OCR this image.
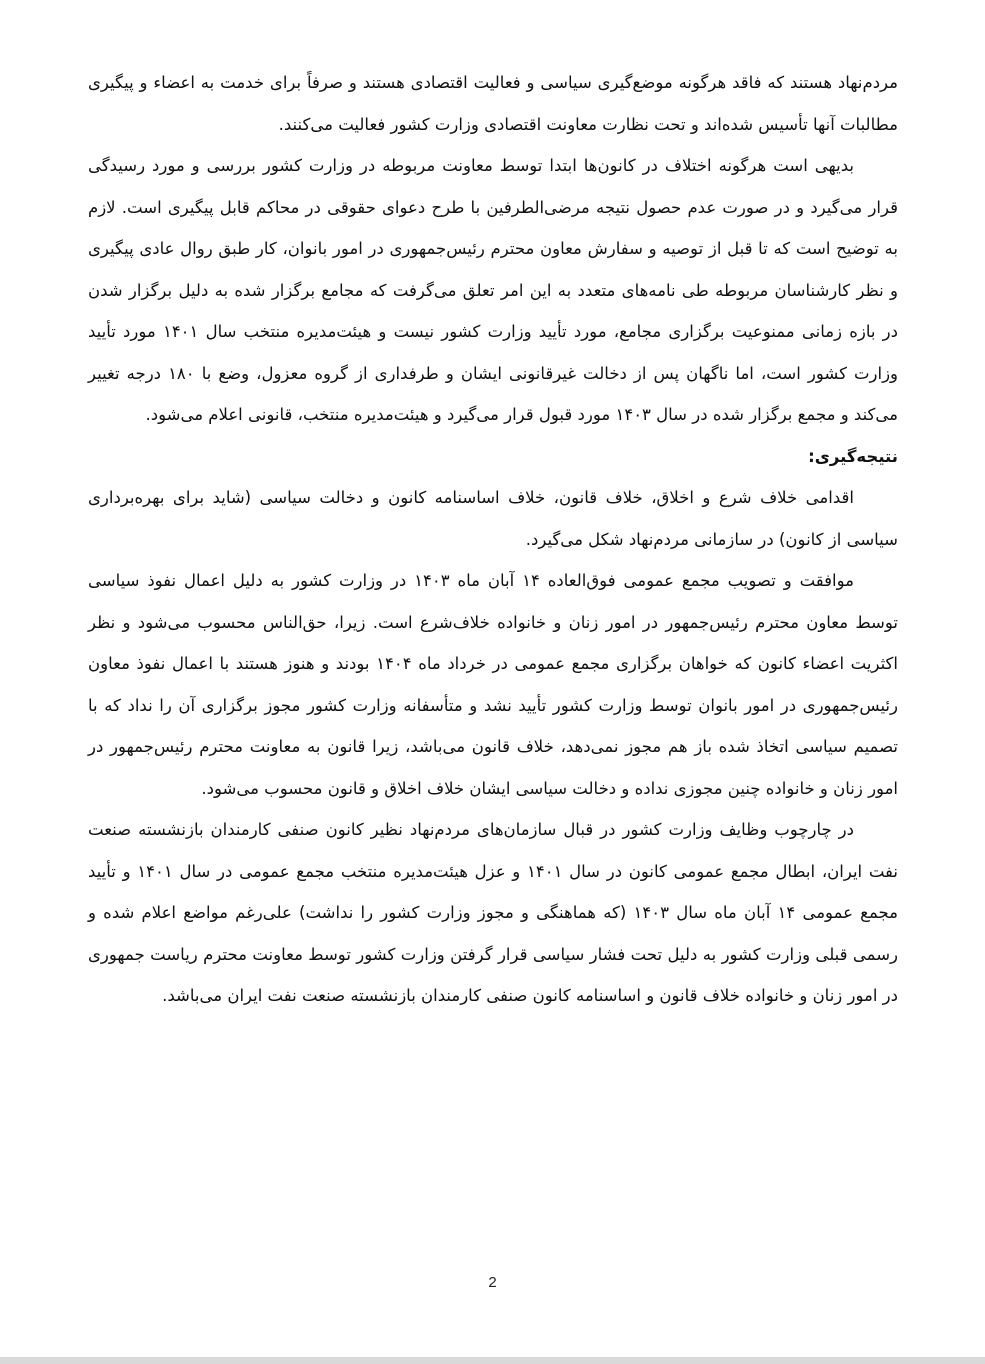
مردم‌نهاد هستند که فاقد هرگونه موضع‌گیری سیاسی و فعالیت اقتصادی هستند و صرفاً برای خدمت به اعضاء و پیگیری مطالبات آنها تأسیس شده‌اند و تحت نظارت معاونت اقتصادی وزارت کشور فعالیت می‌کنند.

بدیهی است هرگونه اختلاف در کانون‌ها ابتدا توسط معاونت مربوطه در وزارت کشور بررسی و مورد رسیدگی قرار می‌گیرد و در صورت عدم حصول نتیجه مرضی‌الطرفین با طرح دعوای حقوقی در محاکم قابل پیگیری است. لازم به توضیح است که تا قبل از توصیه و سفارش معاون محترم رئیس‌جمهوری در امور بانوان، کار طبق روال عادی پیگیری و نظر کارشناسان مربوطه طی نامه‌های متعدد به این امر تعلق می‌گرفت که مجامع برگزار شده به دلیل برگزار شدن در بازه زمانی ممنوعیت برگزاری مجامع، مورد تأیید وزارت کشور نیست و هیئت‌مدیره منتخب سال ۱۴۰۱ مورد تأیید وزارت کشور است، اما ناگهان پس از دخالت غیرقانونی ایشان و طرفداری از گروه معزول، وضع با ۱۸۰ درجه تغییر می‌کند و مجمع برگزار شده در سال ۱۴۰۳ مورد قبول قرار می‌گیرد و هیئت‌مدیره منتخب، قانونی اعلام می‌شود.

نتیجه‌گیری:

اقدامی خلاف شرع و اخلاق، خلاف قانون، خلاف اساسنامه کانون و دخالت سیاسی (شاید برای بهره‌برداری سیاسی از کانون) در سازمانی مردم‌نهاد شکل می‌گیرد.

موافقت و تصویب مجمع عمومی فوق‌العاده ۱۴ آبان ماه ۱۴۰۳ در وزارت کشور به دلیل اعمال نفوذ سیاسی توسط معاون محترم رئیس‌جمهور در امور زنان و خانواده خلاف‌شرع است. زیرا، حق‌الناس محسوب می‌شود و نظر اکثریت اعضاء کانون که خواهان برگزاری مجمع عمومی در خرداد ماه ۱۴۰۴ بودند و هنوز هستند با اعمال نفوذ معاون رئیس‌جمهوری در امور بانوان توسط وزارت کشور تأیید نشد و متأسفانه وزارت کشور مجوز برگزاری آن را نداد که با تصمیم سیاسی اتخاذ شده باز هم مجوز نمی‌دهد، خلاف قانون می‌باشد، زیرا قانون به معاونت محترم رئیس‌جمهور در امور زنان و خانواده چنین مجوزی نداده و دخالت سیاسی ایشان خلاف اخلاق و قانون محسوب می‌شود.

در چارچوب وظایف وزارت کشور در قبال سازمان‌های مردم‌نهاد نظیر کانون صنفی کارمندان بازنشسته صنعت نفت ایران، ابطال مجمع عمومی کانون در سال ۱۴۰۱ و عزل هیئت‌مدیره منتخب مجمع عمومی در سال ۱۴۰۱ و تأیید مجمع عمومی ۱۴ آبان ماه سال ۱۴۰۳ (که هماهنگی و مجوز وزارت کشور را نداشت) علی‌رغم مواضع اعلام شده و رسمی قبلی وزارت کشور به دلیل تحت فشار سیاسی قرار گرفتن وزارت کشور توسط معاونت محترم ریاست جمهوری در امور زنان و خانواده خلاف قانون و اساسنامه کانون صنفی کارمندان بازنشسته صنعت نفت ایران می‌باشد.

2
